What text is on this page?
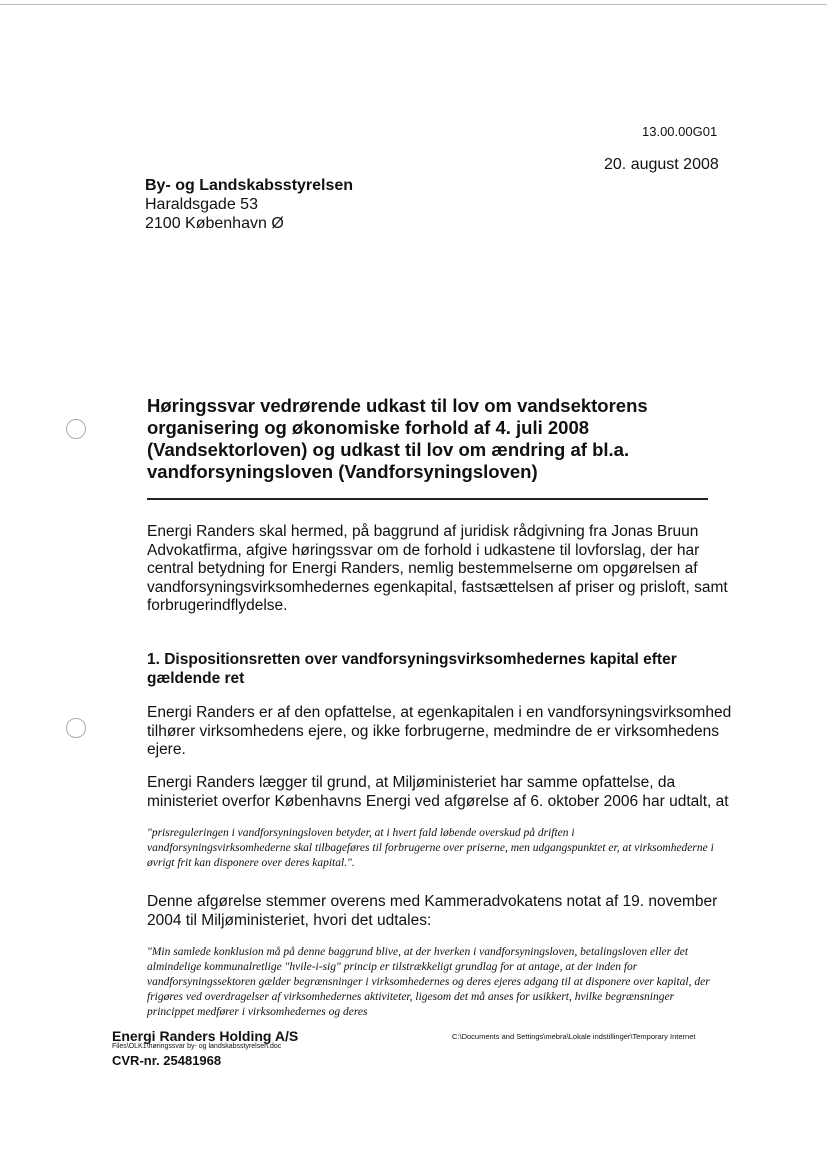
13.00.00G01
20. august 2008
By- og Landskabsstyrelsen
Haraldsgade 53
2100 København Ø
Høringssvar vedrørende udkast til lov om vandsektorens organisering og økonomiske forhold af 4. juli 2008 (Vandsektorloven) og udkast til lov om ændring af bl.a. vandforsyningsloven (Vandforsyningsloven)
Energi Randers skal hermed, på baggrund af juridisk rådgivning fra Jonas Bruun Advokatfirma, afgive høringssvar om de forhold i udkastene til lovforslag, der har central betydning for Energi Randers, nemlig bestemmelserne om opgørelsen af vandforsyningsvirksomhedernes egenkapital, fastsættelsen af priser og prisloft, samt forbrugerindflydelse.
1. Dispositionsretten over vandforsyningsvirksomhedernes kapital efter gældende ret
Energi Randers er af den opfattelse, at egenkapitalen i en vandforsyningsvirksomhed tilhører virksomhedens ejere, og ikke forbrugerne, medmindre de er virksomhedens ejere.
Energi Randers lægger til grund, at Miljøministeriet har samme opfattelse, da ministeriet overfor Københavns Energi ved afgørelse af 6. oktober 2006 har udtalt, at
"prisreguleringen i vandforsyningsloven betyder, at i hvert fald løbende overskud på driften i vandforsyningsvirksomhederne skal tilbageføres til forbrugerne over priserne, men udgangspunktet er, at virksomhederne i øvrigt frit kan disponere over deres kapital.".
Denne afgørelse stemmer overens med Kammeradvokatens notat af 19. november 2004 til Miljøministeriet, hvori det udtales:
"Min samlede konklusion må på denne baggrund blive, at der hverken i vandforsyningsloven, betalingsloven eller det almindelige kommunalretlige "hvile-i-sig" princip er tilstrækkeligt grundlag for at antage, at der inden for vandforsyningssektoren gælder begrænsninger i virksomhedernes og deres ejeres adgang til at disponere over kapital, der frigøres ved overdragelser af virksomhedernes aktiviteter, ligesom det må anses for usikkert, hvilke begrænsninger princippet medfører i virksomhedernes og deres
Energi Randers Holding A/S
Files\OLK1\høringssvar by- og landskabsstyrelsen.doc
CVR-nr. 25481968
C:\Documents and Settings\mebra\Lokale indstillinger\Temporary Internet
